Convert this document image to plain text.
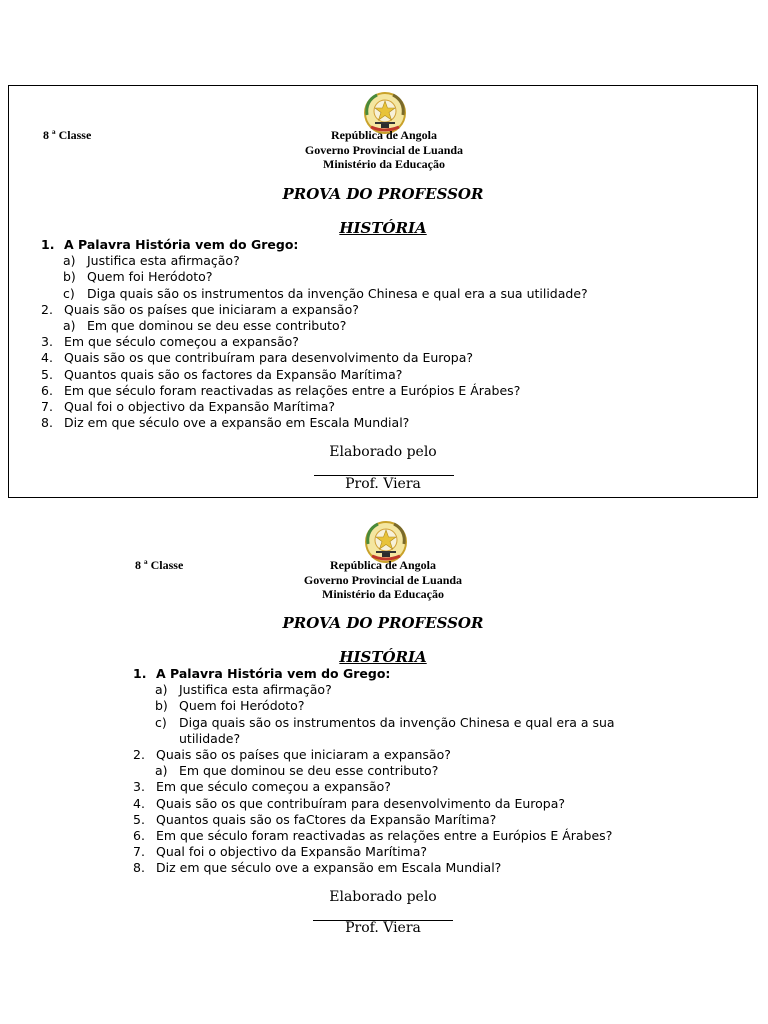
8 ª Classe	República de Angola
Governo Provincial de Luanda
Ministério da Educação
PROVA DO PROFESSOR
HISTÓRIA
1. A Palavra História vem do Grego:
a) Justifica esta afirmação?
b) Quem foi Heródoto?
c) Diga quais são os instrumentos da invenção Chinesa e qual era a sua utilidade?
2. Quais são os países que iniciaram a expansão?
a) Em que dominou se deu esse contributo?
3. Em que século começou a expansão?
4. Quais são os que contribuíram para desenvolvimento da Europa?
5. Quantos quais são os factores da Expansão Marítima?
6. Em que século foram reactivadas as relações entre a Európios E Árabes?
7. Qual foi o objectivo da Expansão Marítima?
8. Diz em que século ove a expansão em Escala Mundial?
Elaborado pelo
Prof. Viera
8 ª Classe	República de Angola
Governo Provincial de Luanda
Ministério da Educação
PROVA DO PROFESSOR
HISTÓRIA
1. A Palavra História vem do Grego:
a) Justifica esta afirmação?
b) Quem foi Heródoto?
c) Diga quais são os instrumentos da invenção Chinesa e qual era a sua
utilidade?
2. Quais são os países que iniciaram a expansão?
a) Em que dominou se deu esse contributo?
3. Em que século começou a expansão?
4. Quais são os que contribuíram para desenvolvimento da Europa?
5. Quantos quais são os faCtores da Expansão Marítima?
6. Em que século foram reactivadas as relações entre a Európios E Árabes?
7. Qual foi o objectivo da Expansão Marítima?
8. Diz em que século ove a expansão em Escala Mundial?
Elaborado pelo
Prof. Viera
